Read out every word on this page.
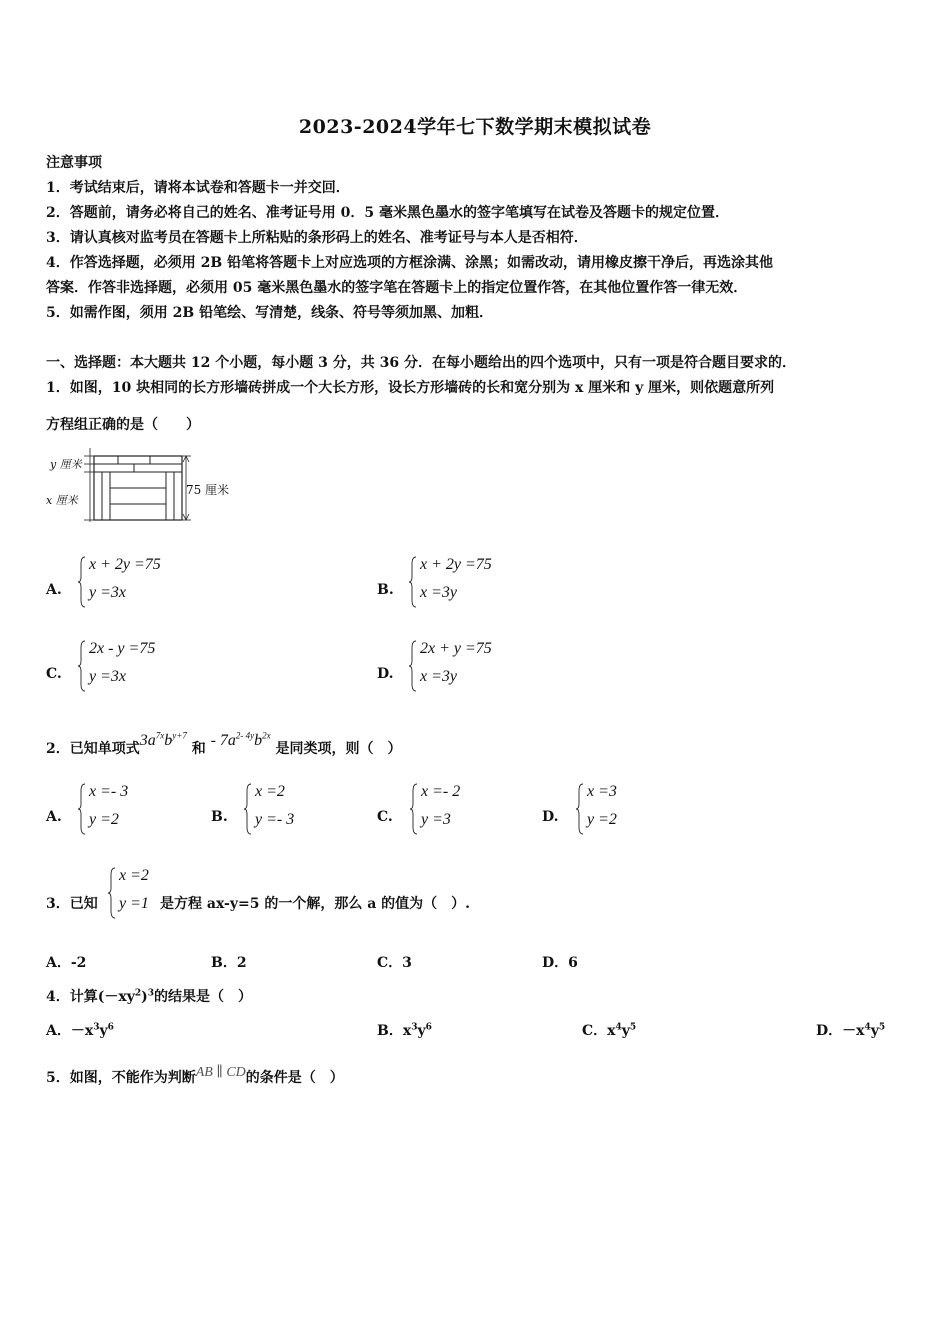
2023-2024学年七下数学期末模拟试卷
注意事项
1．考试结束后，请将本试卷和答题卡一并交回．
2．答题前，请务必将自己的姓名、准考证号用 0．5 毫米黑色墨水的签字笔填写在试卷及答题卡的规定位置．
3．请认真核对监考员在答题卡上所粘贴的条形码上的姓名、准考证号与本人是否相符．
4．作答选择题，必须用 2B 铅笔将答题卡上对应选项的方框涂满、涂黑；如需改动，请用橡皮擦干净后，再选涂其他
答案．作答非选择题，必须用 05 毫米黑色墨水的签字笔在答题卡上的指定位置作答，在其他位置作答一律无效．
5．如需作图，须用 2B 铅笔绘、写清楚，线条、符号等须加黑、加粗．
一、选择题：本大题共 12 个小题，每小题 3 分，共 36 分．在每小题给出的四个选项中，只有一项是符合题目要求的．
1．如图，10 块相同的长方形墙砖拼成一个大长方形，设长方形墙砖的长和宽分别为 x 厘米和 y 厘米，则依题意所列
方程组正确的是（　　）
y 厘米
x 厘米
75 厘米
A.
x + 2y =75
y =3x	B.
x + 2y =75
x =3y
C.
2x - y =75
y =3x	D.
2x + y =75
x =3y
2．已知单项式$3a^{7x}b^{y+7}$ 和 - $7a^{2- 4y}b^{2x}$ 是同类项，则（　）
A.
x =- 3
y =2	B.
x =2
y =- 3	C.
x =- 2
y =3	D.
x =3
y =2
3．已知
x =2
y =1 是方程 ax-y=5 的一个解，那么 a 的值为（　）.
A．-2	B．2	C．3	D．6
4．计算$(-xy^2)^3$的结果是（　）
A．$-x^3y^6$	B．$x^3y^6$	C．$x^4y^5$	D．$-x^4y^5$
5．如图，不能作为判断AB ∥ CD的条件是（　）
